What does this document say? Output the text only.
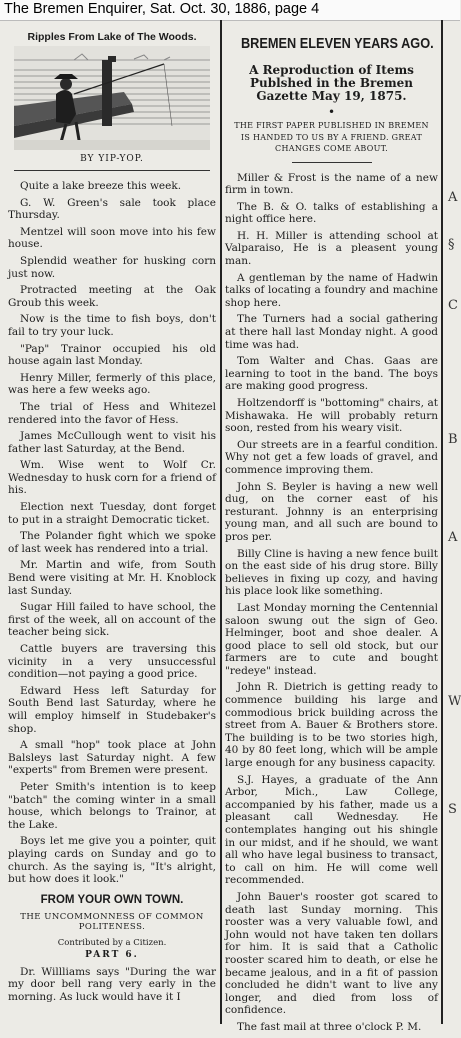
The Bremen Enquirer, Sat. Oct. 30, 1886, page 4
Ripples From Lake of The Woods.
BY YIP-YOP.

Quite a lake breeze this week.

G. W. Green's sale took place Thursday.

Mentzel will soon move into his few house.

Splendid weather for husking corn just now.

Protracted meeting at the Oak Groub this week.

Now is the time to fish boys, don't fail to try your luck.

"Pap" Trainor occupied his old house again last Monday.

Henry Miller, fermerly of this place, was here a few weeks ago.

The trial of Hess and Whitezel rendered into the favor of Hess.

James McCullough went to visit his father last Saturday, at the Bend.

Wm. Wise went to Wolf Cr. Wednesday to husk corn for a friend of his.

Election next Tuesday, dont forget to put in a straight Democratic ticket.

The Polander fight which we spoke of last week has rendered into a trial.

Mr. Martin and wife, from South Bend were visiting at Mr. H. Knoblock last Sunday.

Sugar Hill failed to have school, the first of the week, all on account of the teacher being sick.

Cattle buyers are traversing this vicinity in a very unsuccessful condition—not paying a good price.

Edward Hess left Saturday for South Bend last Saturday, where he will employ himself in Studebaker's shop.

A small "hop" took place at John Balsleys last Saturday night. A few "experts" from Bremen were present.

Peter Smith's intention is to keep "batch" the coming winter in a small house, which belongs to Trainor, at the Lake.

Boys let me give you a pointer, quit playing cards on Sunday and go to church. As the saying is, "It's alright, but how does it look."

FROM YOUR OWN TOWN.
THE UNCOMMONNESS OF COMMON POLITENESS.
Contributed by a Citizen.
PART 6.

Dr. Willliams says "During the war my door bell rang very early in the morning. As luck would have it I

BREMEN ELEVEN YEARS AGO.
A Reproduction of Items Publshed in the Bremen Gazette May 19, 1875.
•
THE FIRST PAPER PUBLISHED IN BREMEN IS HANDED TO US BY A FRIEND. GREAT CHANGES COME ABOUT.

Miller & Frost is the name of a new firm in town.

The B. & O. talks of establishing a night office here.

H. H. Miller is attending school at Valparaiso, He is a pleasent young man.

A gentleman by the name of Hadwin talks of locating a foundry and machine shop here.

The Turners had a social gathering at there hall last Monday night. A good time was had.

Tom Walter and Chas. Gaas are learning to toot in the band. The boys are making good progress.

Holtzendorff is "bottoming" chairs, at Mishawaka. He will probably return soon, rested from his weary visit.

Our streets are in a fearful condition. Why not get a few loads of gravel, and commence improving them.

John S. Beyler is having a new well dug, on the corner east of his resturant. Johnny is an enterprising young man, and all such are bound to pros per.

Billy Cline is having a new fence built on the east side of his drug store. Billy believes in fixing up cozy, and having his place look like something.

Last Monday morning the Centennial saloon swung out the sign of Geo. Helminger, boot and shoe dealer. A good place to sell old stock, but our farmers are to cute and bought "redeye" instead.

John R. Dietrich is getting ready to commence building his large and commodious brick building across the street from A. Bauer & Brothers store. The building is to be two stories high, 40 by 80 feet long, which will be ample large enough for any business capacity.

S.J. Hayes, a graduate of the Ann Arbor, Mich., Law College, accompanied by his father, made us a pleasant call Wednesday. He contemplates hanging out his shingle in our midst, and if he should, we want all who have legal business to transact, to call on him. He will come well recommended.

John Bauer's rooster got scared to death last Sunday morning. This rooster was a very valuable fowl, and John would not have taken ten dollars for him. It is said that a Catholic rooster scared him to death, or else he became jealous, and in a fit of passion concluded he didn't want to live any longer, and died from loss of confidence.

The fast mail at three o'clock P. M.

A
§
C
B
A
W
S
